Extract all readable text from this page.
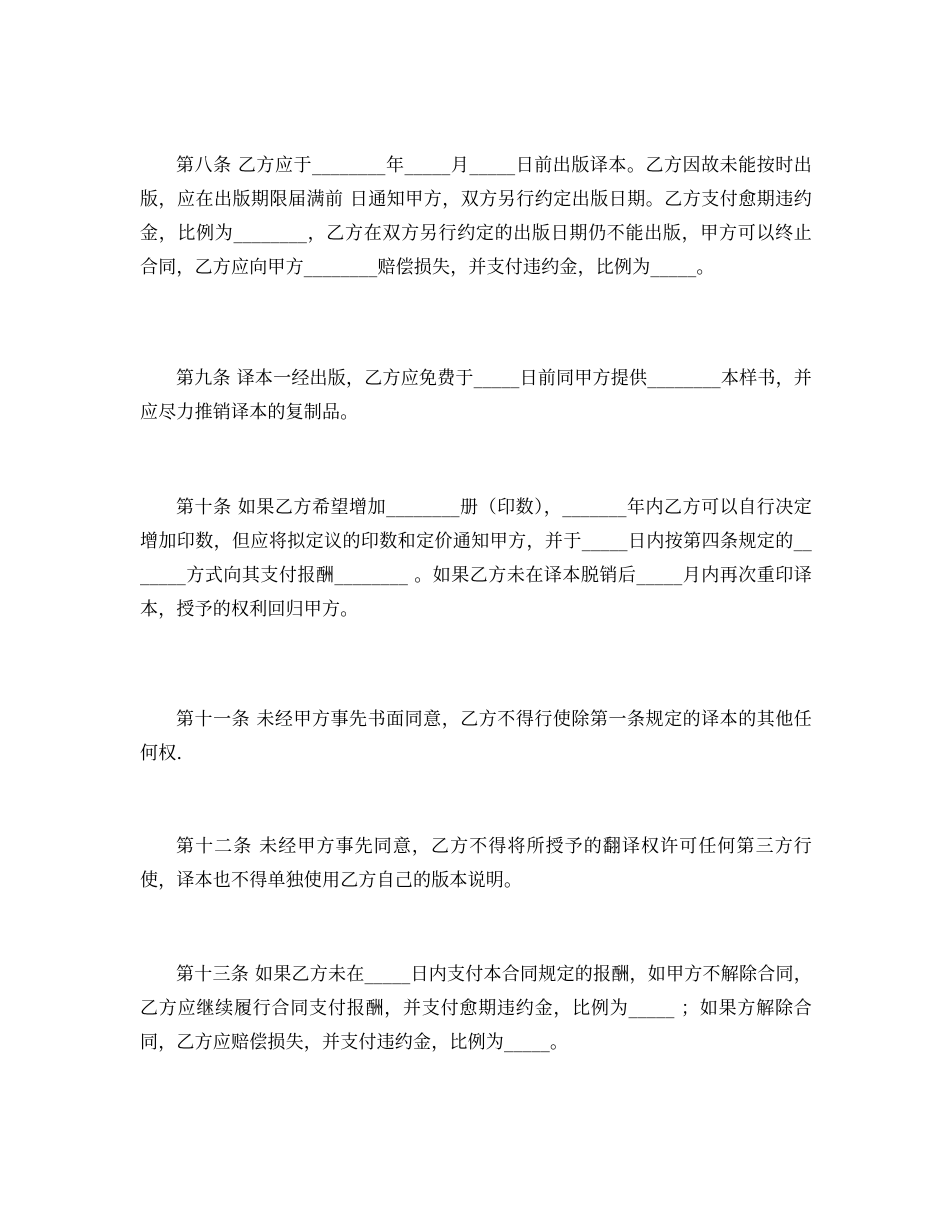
第八条 乙方应于________年_____月_____日前出版译本。乙方因故未能按时出版，应在出版期限届满前 日通知甲方，双方另行约定出版日期。乙方支付愈期违约金，比例为________，乙方在双方另行约定的出版日期仍不能出版，甲方可以终止合同，乙方应向甲方________赔偿损失，并支付违约金，比例为_____。

第九条 译本一经出版，乙方应免费于_____日前同甲方提供________本样书，并应尽力推销译本的复制品。

第十条 如果乙方希望增加________册（印数），_______年内乙方可以自行决定增加印数，但应将拟定议的印数和定价通知甲方，并于_____日内按第四条规定的_______方式向其支付报酬________ 。如果乙方未在译本脱销后_____月内再次重印译本，授予的权利回归甲方。

第十一条 未经甲方事先书面同意，乙方不得行使除第一条规定的译本的其他任何权.

第十二条 未经甲方事先同意，乙方不得将所授予的翻译权许可任何第三方行使，译本也不得单独使用乙方自己的版本说明。

第十三条 如果乙方未在_____日内支付本合同规定的报酬，如甲方不解除合同，乙方应继续履行合同支付报酬，并支付愈期违约金，比例为_____ ；如果方解除合同，乙方应赔偿损失，并支付违约金，比例为_____。
